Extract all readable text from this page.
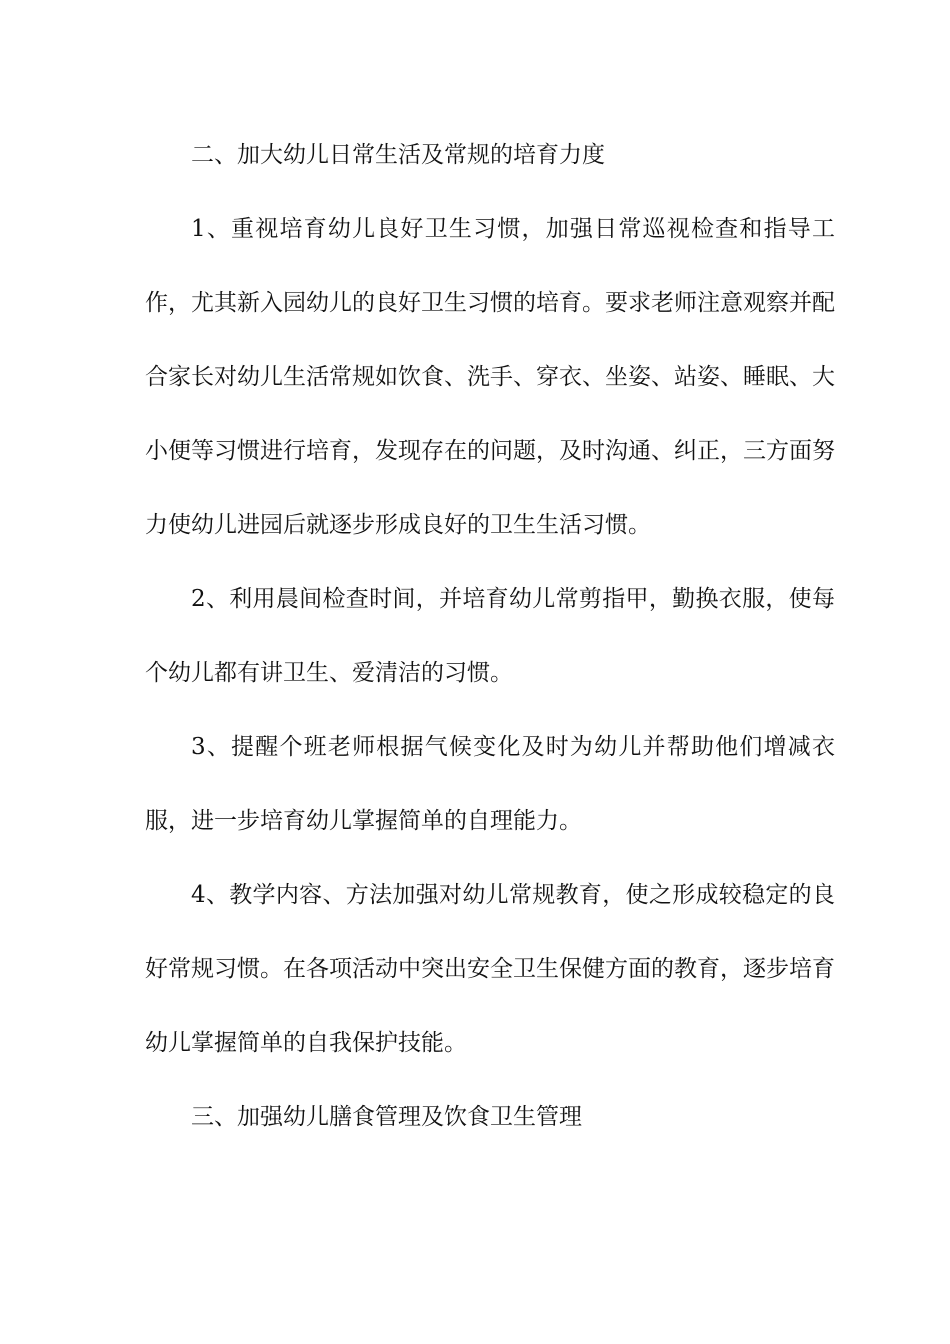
二、加大幼儿日常生活及常规的培育力度

1、重视培育幼儿良好卫生习惯，加强日常巡视检查和指导工作，尤其新入园幼儿的良好卫生习惯的培育。要求老师注意观察并配合家长对幼儿生活常规如饮食、洗手、穿衣、坐姿、站姿、睡眠、大小便等习惯进行培育，发现存在的问题，及时沟通、纠正，三方面努力使幼儿进园后就逐步形成良好的卫生生活习惯。

2、利用晨间检查时间，并培育幼儿常剪指甲，勤换衣服，使每个幼儿都有讲卫生、爱清洁的习惯。

3、提醒个班老师根据气候变化及时为幼儿并帮助他们增减衣服，进一步培育幼儿掌握简单的自理能力。

4、教学内容、方法加强对幼儿常规教育，使之形成较稳定的良好常规习惯。在各项活动中突出安全卫生保健方面的教育，逐步培育幼儿掌握简单的自我保护技能。

三、加强幼儿膳食管理及饮食卫生管理
